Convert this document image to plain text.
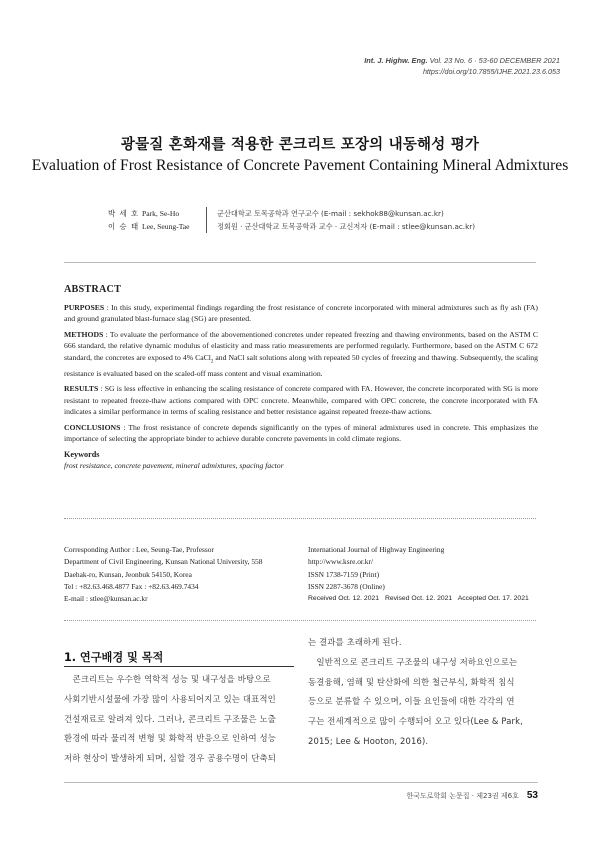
Int. J. Highw. Eng. Vol. 23 No. 6 · 53-60 DECEMBER 2021
https://doi.org/10.7855/IJHE.2021.23.6.053
광물질 혼화재를 적용한 콘크리트 포장의 내동해성 평가
Evaluation of Frost Resistance of Concrete Pavement Containing Mineral Admixtures
박 세 호 Park, Se-Ho	군산대학교 토목공학과 연구교수 (E-mail : sekhok88@kunsan.ac.kr)
이 승 태 Lee, Seung-Tae	정회원 · 군산대학교 토목공학과 교수 · 교신저자 (E-mail : stlee@kunsan.ac.kr)
ABSTRACT

PURPOSES : In this study, experimental findings regarding the frost resistance of concrete incorporated with mineral admixtures such as fly ash (FA) and ground granulated blast-furnace slag (SG) are presented.

METHODS : To evaluate the performance of the abovementioned concretes under repeated freezing and thawing environments, based on the ASTM C 666 standard, the relative dynamic modulus of elasticity and mass ratio measurements are performed regularly. Furthermore, based on the ASTM C 672 standard, the concretes are exposed to 4% CaCl$_2$ and NaCl salt solutions along with repeated 50 cycles of freezing and thawing. Subsequently, the scaling resistance is evaluated based on the scaled-off mass content and visual examination.

RESULTS : SG is less effective in enhancing the scaling resistance of concrete compared with FA. However, the concrete incorporated with SG is more resistant to repeated freeze-thaw actions compared with OPC concrete. Meanwhile, compared with OPC concrete, the concrete incorporated with FA indicates a similar performance in terms of scaling resistance and better resistance against repeated freeze-thaw actions.

CONCLUSIONS : The frost resistance of concrete depends significantly on the types of mineral admixtures used in concrete. This emphasizes the importance of selecting the appropriate binder to achieve durable concrete pavements in cold climate regions.

Keywords
frost resistance, concrete pavement, mineral admixtures, spacing factor
Corresponding Author : Lee, Seung-Tae, Professor
Department of Civil Engineering, Kunsan National University, 558
Daehak-ro, Kunsan, Jeonbuk 54150, Korea
Tel : +82.63.468.4877 Fax : +82.63.469.7434
E-mail : stlee@kunsan.ac.kr
International Journal of Highway Engineering
http://www.ksre.or.kr/
ISSN 1738-7159 (Print)
ISSN 2287-3678 (Online)
Received Oct. 12. 2021 Revised Oct. 12. 2021 Accepted Oct. 17. 2021
1. 연구배경 및 목적
　콘크리트는 우수한 역학적 성능 및 내구성을 바탕으로
사회기반시설물에 가장 많이 사용되어지고 있는 대표적인
건설재료로 알려져 있다. 그러나, 콘크리트 구조물은 노출
환경에 따라 물리적 변형 및 화학적 반응으로 인하여 성능
저하 현상이 발생하게 되며, 심할 경우 공용수명이 단축되
는 결과를 초래하게 된다.
　일반적으로 콘크리트 구조물의 내구성 저하요인으로는
동결융해, 염해 및 탄산화에 의한 철근부식, 화학적 침식
등으로 분류할 수 있으며, 이들 요인들에 대한 각각의 연
구는 전세계적으로 많이 수행되어 오고 있다(Lee & Park,
2015; Lee & Hooton, 2016).
한국도로학회 논문집 · 제23권 제6호 53
